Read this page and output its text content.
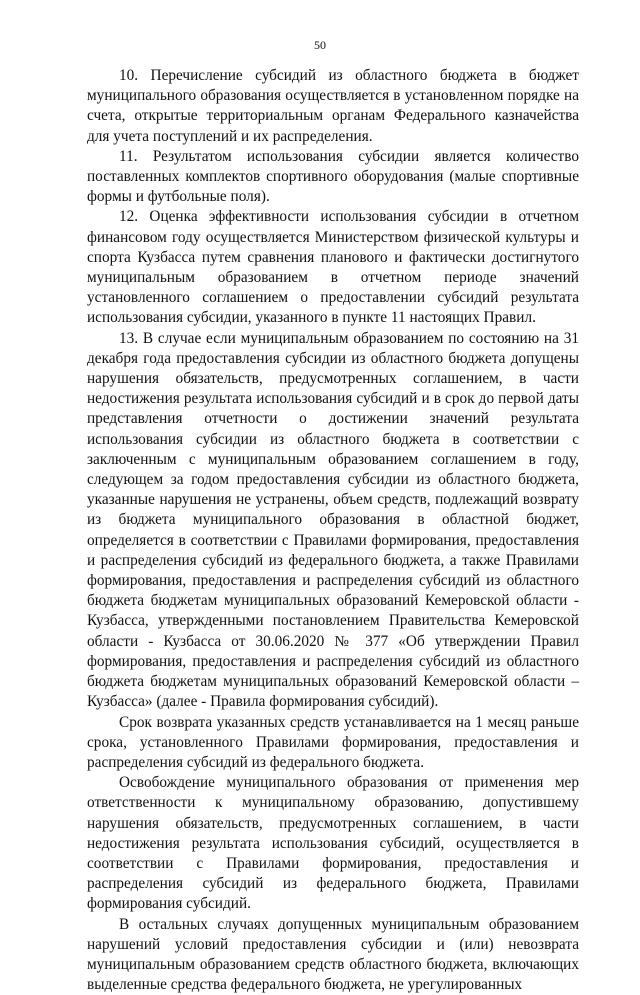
50

10. Перечисление субсидий из областного бюджета в бюджет муниципального образования осуществляется в установленном порядке на счета, открытые территориальным органам Федерального казначейства для учета поступлений и их распределения.

11. Результатом использования субсидии является количество поставленных комплектов спортивного оборудования (малые спортивные формы и футбольные поля).

12. Оценка эффективности использования субсидии в отчетном финансовом году осуществляется Министерством физической культуры и спорта Кузбасса путем сравнения планового и фактически достигнутого муниципальным образованием в отчетном периоде значений установленного соглашением о предоставлении субсидий результата использования субсидии, указанного в пункте 11 настоящих Правил.

13. В случае если муниципальным образованием по состоянию на 31 декабря года предоставления субсидии из областного бюджета допущены нарушения обязательств, предусмотренных соглашением, в части недостижения результата использования субсидий и в срок до первой даты представления отчетности о достижении значений результата использования субсидии из областного бюджета в соответствии с заключенным с муниципальным образованием соглашением в году, следующем за годом предоставления субсидии из областного бюджета, указанные нарушения не устранены, объем средств, подлежащий возврату из бюджета муниципального образования в областной бюджет, определяется в соответствии с Правилами формирования, предоставления и распределения субсидий из федерального бюджета, а также Правилами формирования, предоставления и распределения субсидий из областного бюджета бюджетам муниципальных образований Кемеровской области - Кузбасса, утвержденными постановлением Правительства Кемеровской области - Кузбасса от 30.06.2020 № 377 «Об утверждении Правил формирования, предоставления и распределения субсидий из областного бюджета бюджетам муниципальных образований Кемеровской области – Кузбасса» (далее - Правила формирования субсидий).

Срок возврата указанных средств устанавливается на 1 месяц раньше срока, установленного Правилами формирования, предоставления и распределения субсидий из федерального бюджета.

Освобождение муниципального образования от применения мер ответственности к муниципальному образованию, допустившему нарушения обязательств, предусмотренных соглашением, в части недостижения результата использования субсидий, осуществляется в соответствии с Правилами формирования, предоставления и распределения субсидий из федерального бюджета, Правилами формирования субсидий.

В остальных случаях допущенных муниципальным образованием нарушений условий предоставления субсидии и (или) невозврата муниципальным образованием средств областного бюджета, включающих выделенные средства федерального бюджета, не урегулированных
